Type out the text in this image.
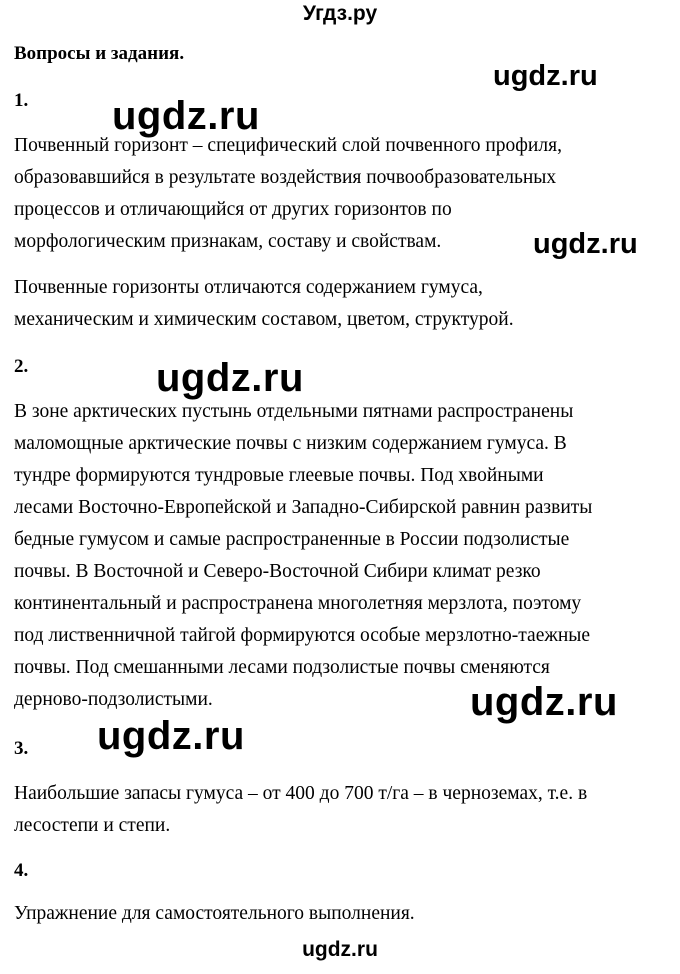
Угдз.ру
Вопросы и задания.
1.
Почвенный горизонт – специфический слой почвенного профиля,
образовавшийся в результате воздействия почвообразовательных
процессов и отличающийся от других горизонтов по
морфологическим признакам, составу и свойствам.
Почвенные горизонты отличаются содержанием гумуса,
механическим и химическим составом, цветом, структурой.
2.
В зоне арктических пустынь отдельными пятнами распространены
маломощные арктические почвы с низким содержанием гумуса. В
тундре формируются тундровые глеевые почвы. Под хвойными
лесами Восточно-Европейской и Западно-Сибирской равнин развиты
бедные гумусом и самые распространенные в России подзолистые
почвы. В Восточной и Северо-Восточной Сибири климат резко
континентальный и распространена многолетняя мерзлота, поэтому
под лиственничной тайгой формируются особые мерзлотно-таежные
почвы. Под смешанными лесами подзолистые почвы сменяются
дерново-подзолистыми.
3.
Наибольшие запасы гумуса – от 400 до 700 т/га – в черноземах, т.е. в
лесостепи и степи.
4.
Упражнение для самостоятельного выполнения.
ugdz.ru
ugdz.ru
ugdz.ru
ugdz.ru
ugdz.ru
ugdz.ru
ugdz.ru
